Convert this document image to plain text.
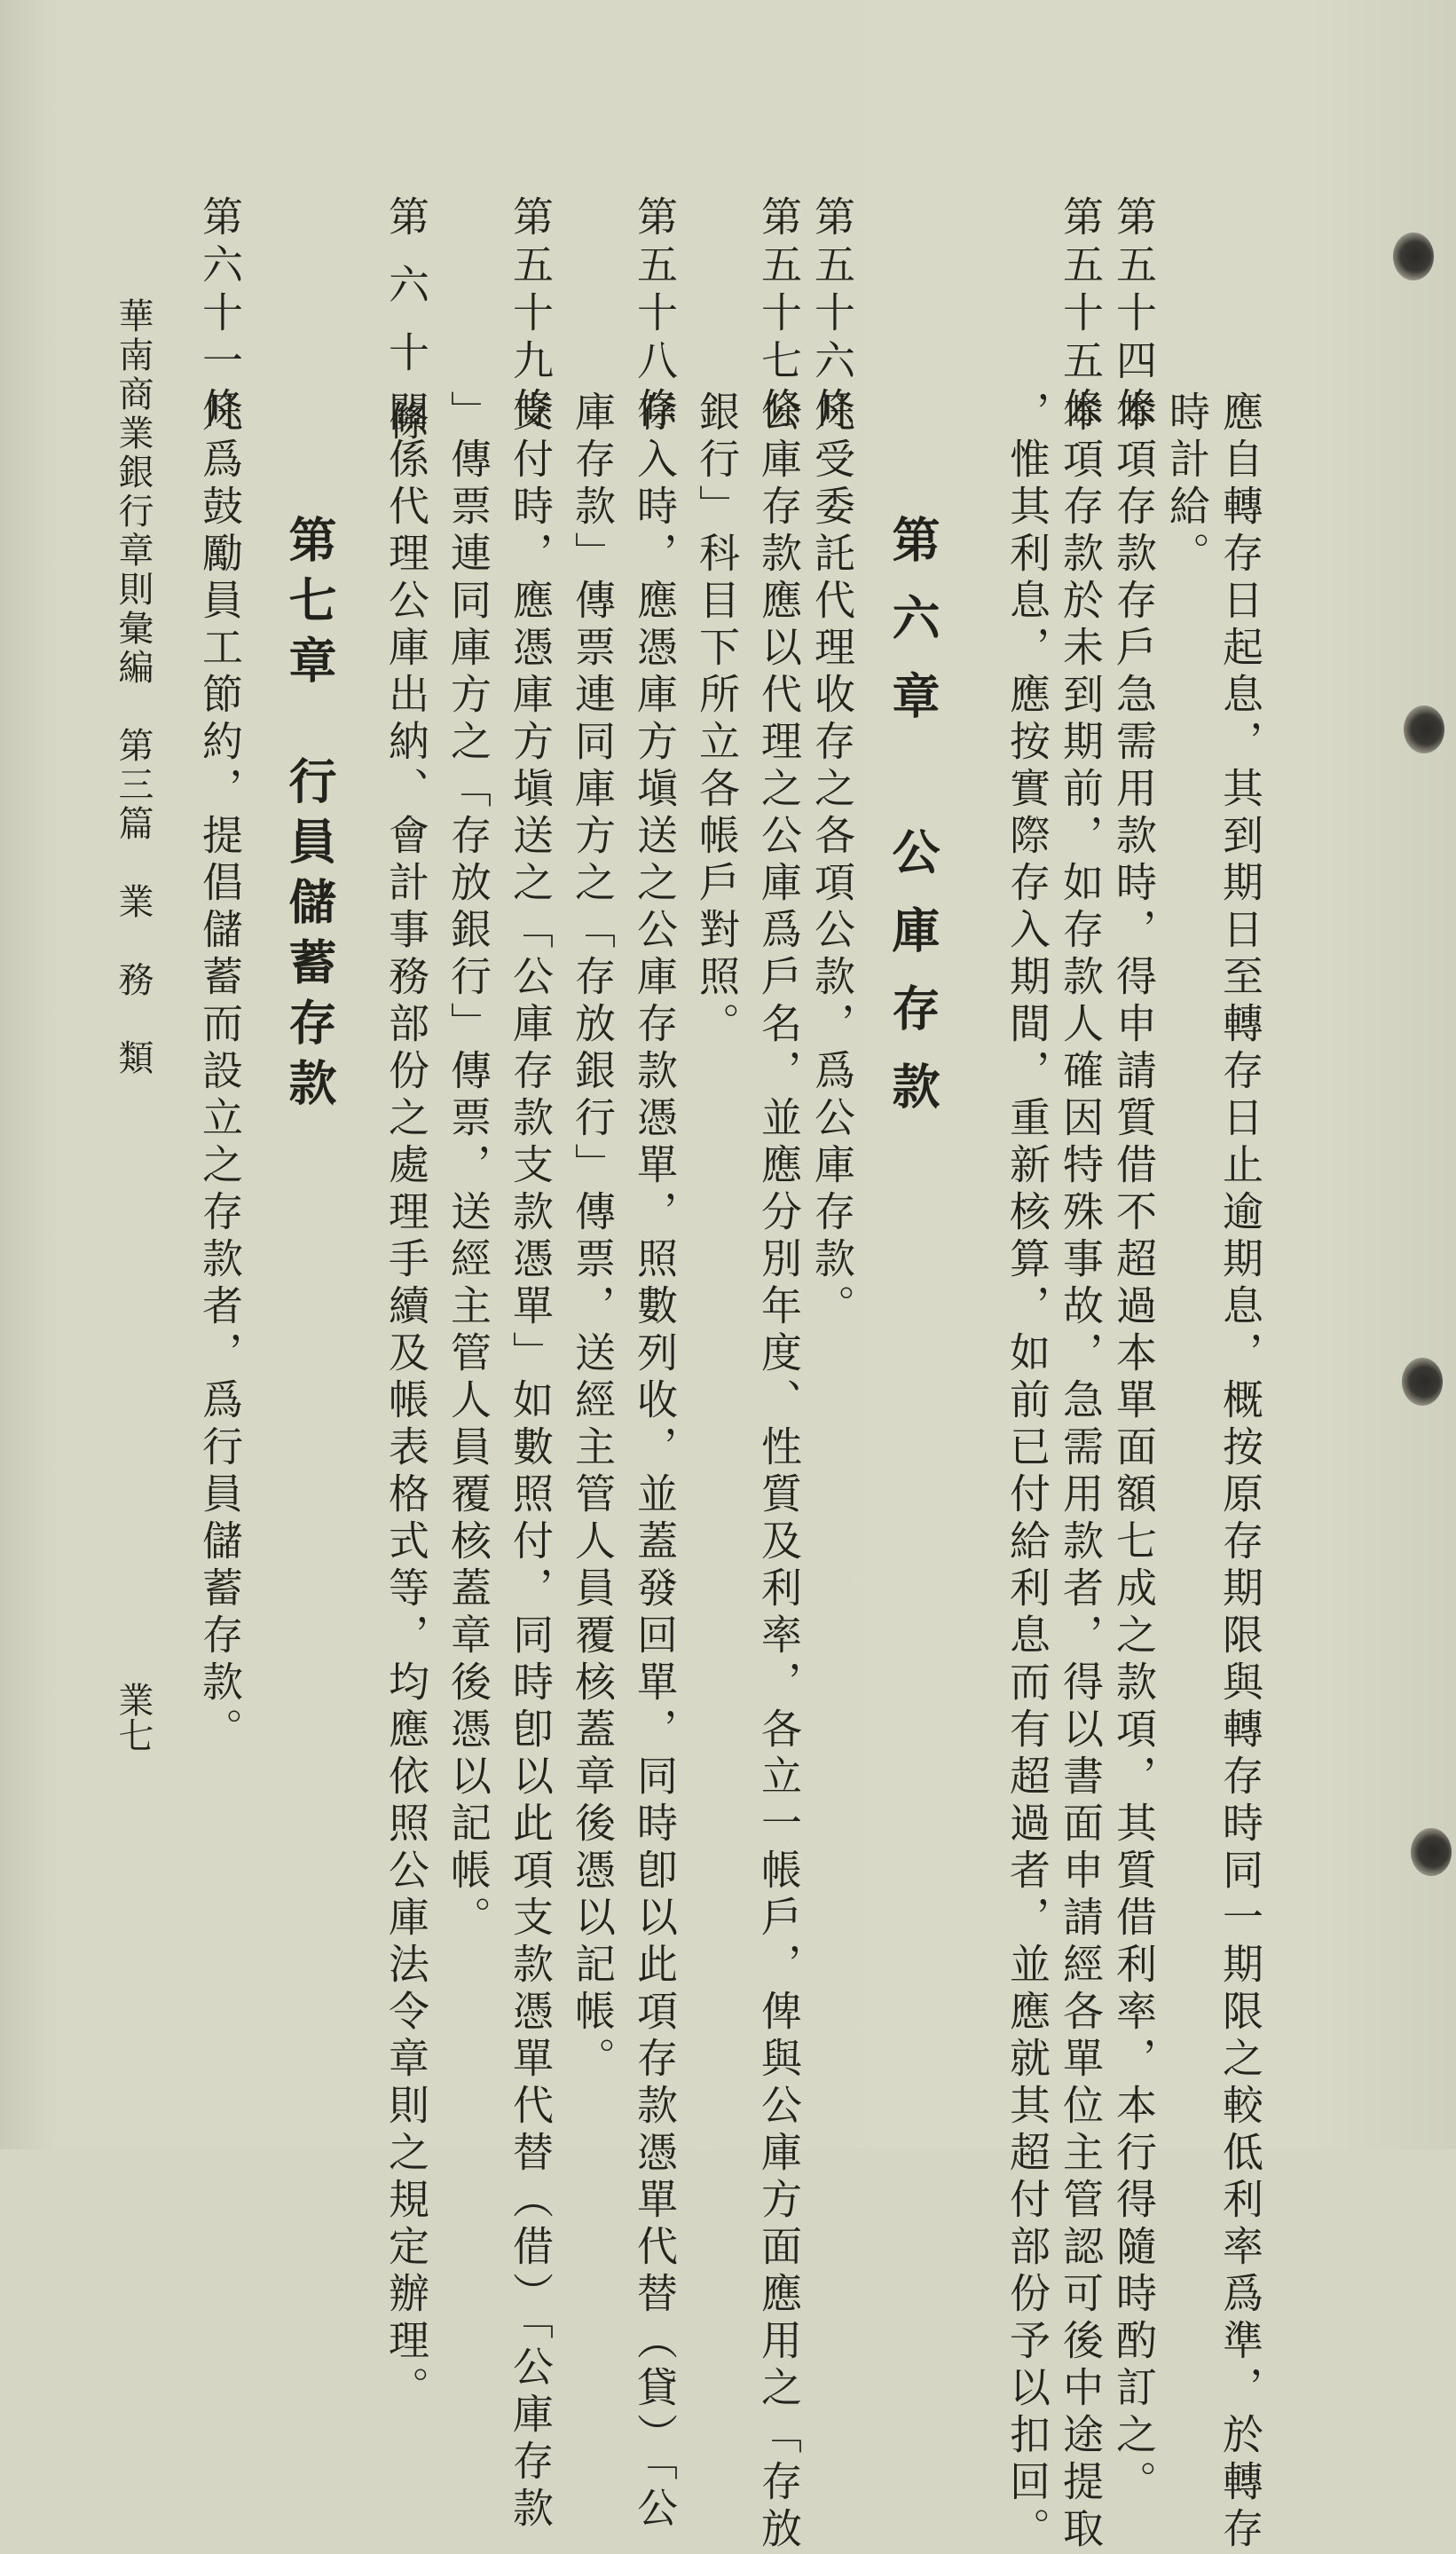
第五十四條
第五十五條
第五十六條
第五十七條
第五十八條
第五十九條
第 六 十 條
第六十一條
應自轉存日起息，其到期日至轉存日止逾期息，概按原存期限與轉存時同一期限之較低利率爲準，於轉存
時計給。
本項存款存戶急需用款時，得申請質借不超過本單面額七成之款項，其質借利率，本行得隨時酌訂之。
本項存款於未到期前，如存款人確因特殊事故，急需用款者，得以書面申請經各單位主管認可後中途提取
，惟其利息，應按實際存入期間，重新核算，如前已付給利息而有超過者，並應就其超付部份予以扣回。
凡受委託代理收存之各項公款，爲公庫存款。
公庫存款應以代理之公庫爲戶名，並應分別年度、性質及利率，各立一帳戶，俾與公庫方面應用之「存放
銀行」科目下所立各帳戶對照。
存入時，應憑庫方塡送之公庫存款憑單，照數列收，並蓋發回單，同時卽以此項存款憑單代替（貸）「公
庫存款」傳票連同庫方之「存放銀行」傳票，送經主管人員覆核蓋章後憑以記帳。
支付時，應憑庫方塡送之「公庫存款支款憑單」如數照付，同時卽以此項支款憑單代替（借）「公庫存款
」傳票連同庫方之「存放銀行」傳票，送經主管人員覆核蓋章後憑以記帳。
關係代理公庫出納、會計事務部份之處理手續及帳表格式等，均應依照公庫法令章則之規定辦理。
凡爲鼓勵員工節約，提倡儲蓄而設立之存款者，爲行員儲蓄存款。	第六章　公庫存款
第七章　行員儲蓄存款
華南商業銀行章則彙編　第三篇　業　務　類
業七
